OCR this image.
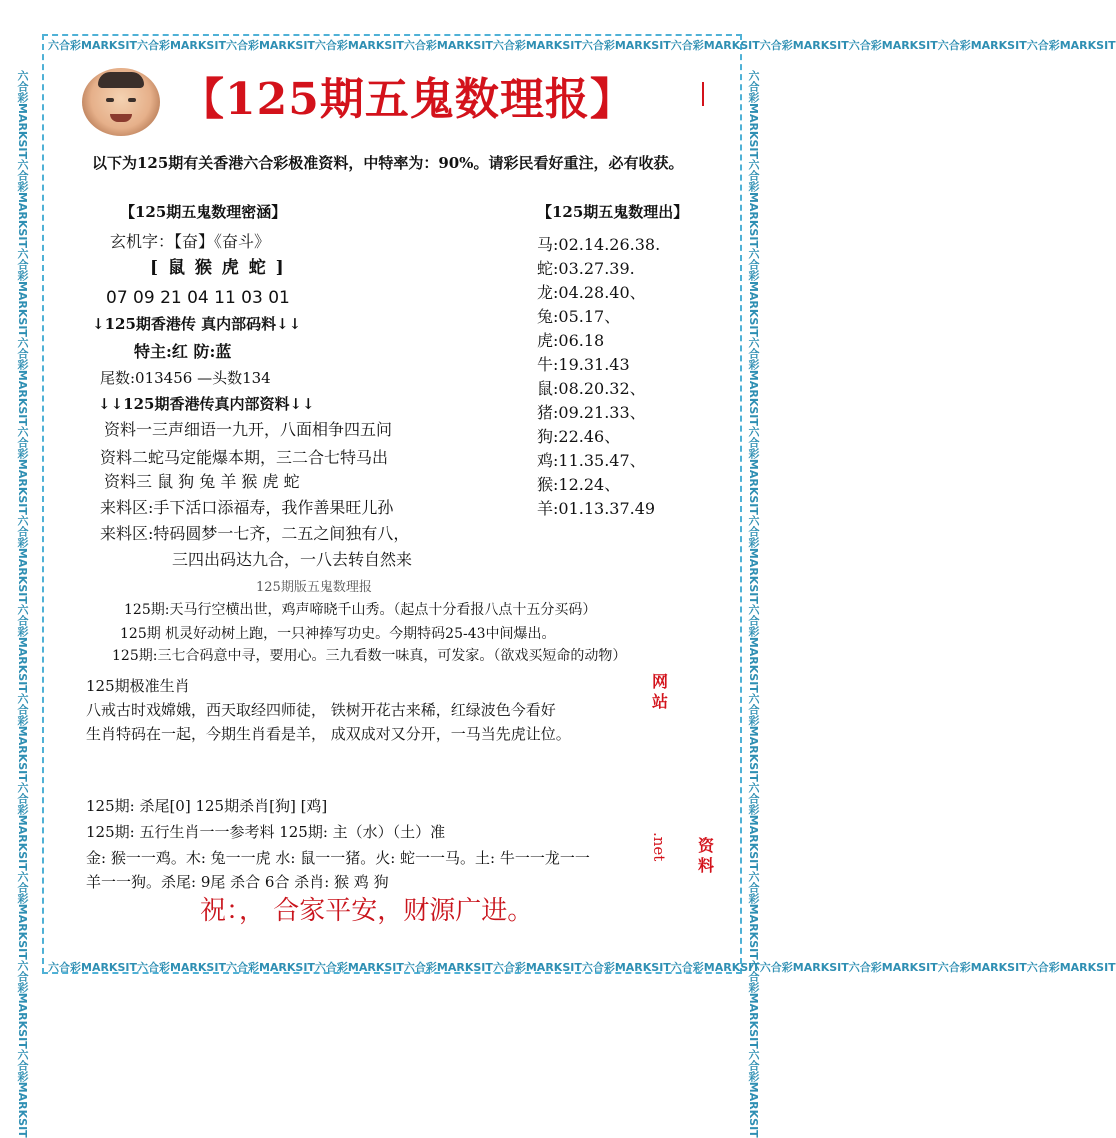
六合彩MARKSIT六合彩MARKSIT六合彩MARKSIT六合彩MARKSIT六合彩MARKSIT六合彩MARKSIT六合彩MARKSIT六合彩MARKSIT六合彩MARKSIT六合彩MARKSIT六合彩MARKSIT六合彩MARKSIT
六合彩MARKSIT六合彩MARKSIT六合彩MARKSIT六合彩MARKSIT六合彩MARKSIT六合彩MARKSIT六合彩MARKSIT六合彩MARKSIT六合彩MARKSIT六合彩MARKSIT六合彩MARKSIT六合彩MARKSIT
六合彩MARKSIT六合彩MARKSIT六合彩MARKSIT六合彩MARKSIT六合彩MARKSIT六合彩MARKSIT六合彩MARKSIT六合彩MARKSIT六合彩MARKSIT六合彩MARKSIT六合彩MARKSIT六合彩MARKSIT	六合彩MARKSIT六合彩MARKSIT六合彩MARKSIT六合彩MARKSIT六合彩MARKSIT六合彩MARKSIT六合彩MARKSIT六合彩MARKSIT六合彩MARKSIT六合彩MARKSIT六合彩MARKSIT六合彩MARKSIT
【125期五鬼数理报】
以下为125期有关香港六合彩极准资料，中特率为：90%。请彩民看好重注，必有收获。
【125期五鬼数理密涵】
玄机字：【奋】《奋斗》
[ 鼠 猴 虎 蛇 ]
07 09 21 04 11 03 01
↓125期香港传 真内部码料↓↓
特主:红 防:蓝
尾数:013456 —头数134
↓↓125期香港传真内部资料↓↓
资料一三声细语一九开，八面相争四五问
资料二蛇马定能爆本期，三二合七特马出
资料三 鼠 狗 兔 羊 猴 虎 蛇
来料区:手下活口添福寿，我作善果旺儿孙
来料区:特码圆梦一七齐，二五之间独有八，
三四出码达九合，一八去转自然来
125期版五鬼数理报
【125期五鬼数理出】
马:02.14.26.38.
蛇:03.27.39.
龙:04.28.40、
兔:05.17、
虎:06.18
牛:19.31.43
鼠:08.20.32、
猪:09.21.33、
狗:22.46、
鸡:11.35.47、
猴:12.24、
羊:01.13.37.49
125期:天马行空横出世，鸡声啼晓千山秀。（起点十分看报八点十五分买码）
125期 机灵好动树上跑，一只神捧写功史。今期特码25-43中间爆出。
125期:三七合码意中寻，要用心。三九看数一味真，可发家。（欲戏买短命的动物）
125期极准生肖
八戒古时戏嫦娥，西天取经四师徒， 铁树开花古来稀，红绿波色今看好
生肖特码在一起，今期生肖看是羊， 成双成对又分开，一马当先虎让位。
125期: 杀尾[0] 125期杀肖[狗] [鸡]
125期: 五行生肖一一参考料 125期: 主（水）（土）准
金: 猴一一鸡。木: 兔一一虎 水: 鼠一一猪。火: 蛇一一马。土: 牛一一龙一一
羊一一狗。杀尾: 9尾 杀合 6合 杀肖: 猴 鸡 狗
祝：， 合家平安，财源广进。
网站
资料
.net
